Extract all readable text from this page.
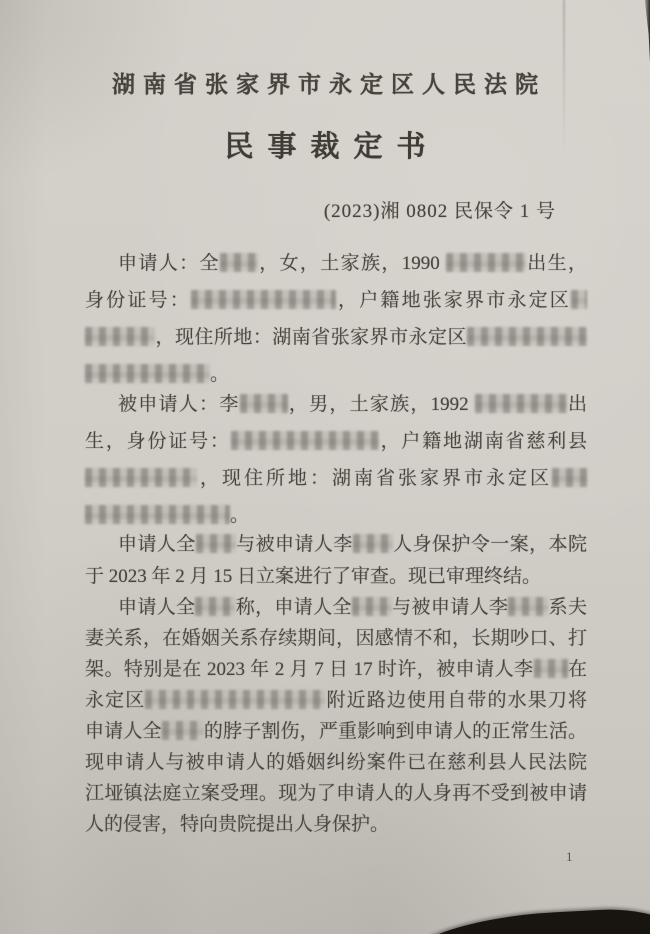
湖南省张家界市永定区人民法院
民事裁定书
(2023)湘 0802 民保令 1 号
申请人：全 ，女，土家族，1990	出生，
身份证号：	，户籍地张家界市永定区
，现住所地：湖南省张家界市永定区
。
被申请人：李	，男，土家族，1992	出
生，身份证号：	，户籍地湖南省慈利县
，现住所地：湖南省张家界市永定区
。
申请人全 与被申请人李 人身保护令一案，本院
于 2023 年 2 月 15 日立案进行了审查。现已审理终结。
申请人全 称，申请人全 与被申请人李 系夫
妻关系，在婚姻关系存续期间，因感情不和，长期吵口、打
架。特别是在 2023 年 2 月 7 日 17 时许，被申请人李 在
永定区	附近路边使用自带的水果刀将
申请人全 的脖子割伤，严重影响到申请人的正常生活。
现申请人与被申请人的婚姻纠纷案件已在慈利县人民法院
江垭镇法庭立案受理。现为了申请人的人身再不受到被申请
人的侵害，特向贵院提出人身保护。
1
